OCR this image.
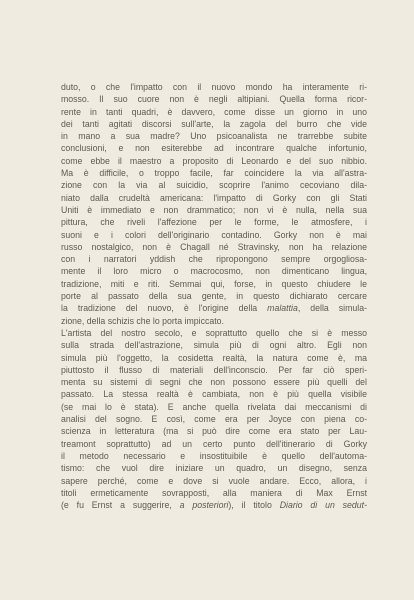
duto, o che l'impatto con il nuovo mondo ha interamente ri-
mosso. Il suo cuore non è negli altipiani. Quella forma ricor-
rente in tanti quadri, è davvero, come disse un giorno in uno
dei tanti agitati discorsi sull'arte, la zagola del burro che vide
in mano a sua madre? Uno psicoanalista ne trarrebbe subite
conclusioni, e non esiterebbe ad incontrare qualche infortunio,
come ebbe il maestro a proposito di Leonardo e del suo nibbio.
Ma è difficile, o troppo facile, far coincidere la via all'astra-
zione con la via al suicidio, scoprire l'animo cecoviano dila-
niato dalla crudeltà americana: l'impatto di Gorky con gli Stati
Uniti è immediato e non drammatico; non vi è nulla, nella sua
pittura, che riveli l'affezione per le forme, le atmosfere, i
suoni e i colori dell'originario contadino. Gorky non è mai
russo nostalgico, non è Chagall né Stravinsky, non ha relazione
con i narratori yddish che ripropongono sempre orgogliosa-
mente il loro micro o macrocosmo, non dimenticano lingua,
tradizione, miti e riti. Semmai qui, forse, in questo chiudere le
porte al passato della sua gente, in questo dichiarato cercare
la tradizione del nuovo, è l'origine della malattia, della simula-
zione, della schizis che lo porta impiccato.
L'artista del nostro secolo, e soprattutto quello che si è messo
sulla strada dell'astrazione, simula più di ogni altro. Egli non
simula più l'oggetto, la cosidetta realtà, la natura come è, ma
piuttosto il flusso di materiali dell'inconscio. Per far ciò speri-
menta su sistemi di segni che non possono essere più quelli del
passato. La stessa realtà è cambiata, non è più quella visibile
(se mai lo è stata). E anche quella rivelata dai meccanismi di
analisi del sogno. E così, come era per Joyce con piena co-
scienza in letteratura (ma si può dire come era stato per Lau-
treamont soprattutto) ad un certo punto dell'itinerario di Gorky
il metodo necessario e insostituibile è quello dell'automa-
tismo: che vuol dire iniziare un quadro, un disegno, senza
sapere perché, come e dove si vuole andare. Ecco, allora, i
titoli ermeticamente sovrapposti, alla maniera di Max Ernst
(e fu Ernst a suggerire, a posteriori), il titolo Diario di un sedut-
